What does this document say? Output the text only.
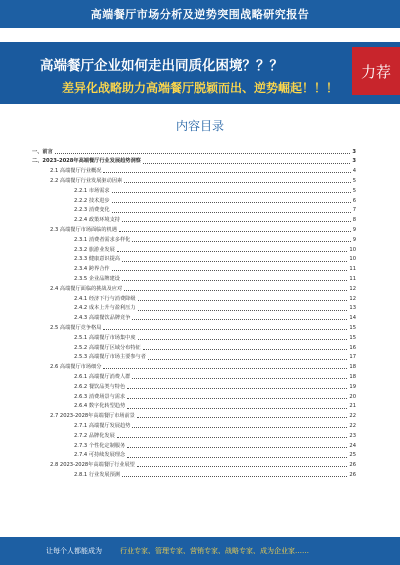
高端餐厅市场分析及逆势突围战略研究报告
高端餐厅企业如何走出同质化困境？？？
差异化战略助力高端餐厅脱颖而出、逆势崛起！！！
力荐
内容目录
一、前言	3
二、2023-2028年高端餐厅行业发展趋势洞察	3
2.1 高端餐厅行业概况	4
2.2 高端餐厅行业发展驱动因素	5
2.2.1 市场需求	5
2.2.2 技术进步	6
2.2.3 消费变化	7
2.2.4 政策环境支持	8
2.3 高端餐厅市场面临的机遇	9
2.3.1 消费者需求多样化	9
2.3.2 旅游业发展	10
2.3.3 健康意识提高	10
2.3.4 跨界合作	11
2.3.5 企业品牌建设	11
2.4 高端餐厅面临的挑战及应对	12
2.4.1 经济下行与消费降级	12
2.4.2 成本上升与盈利压力	13
2.4.3 高端餐饮品牌竞争	14
2.5 高端餐厅竞争格局	15
2.5.1 高端餐厅市场集中度	15
2.5.2 高端餐厅区域分布特征	16
2.5.3 高端餐厅市场主要参与者	17
2.6 高端餐厅市场细分	18
2.6.1 高端餐厅消费人群	18
2.6.2 餐饮品类与特色	19
2.6.3 消费场景与需求	20
2.6.4 数字化转型趋势	21
2.7 2023-2028年高端餐厅市场前景	22
2.7.1 高端餐厅发展趋势	22
2.7.2 品牌化发展	23
2.7.3 个性化定制服务	24
2.7.4 可持续发展理念	25
2.8 2023-2028年高端餐厅行业展望	26
2.8.1 行业发展预测	26
让每个人都能成为	行业专家、管理专家、营销专家、战略专家、成为企业家……
